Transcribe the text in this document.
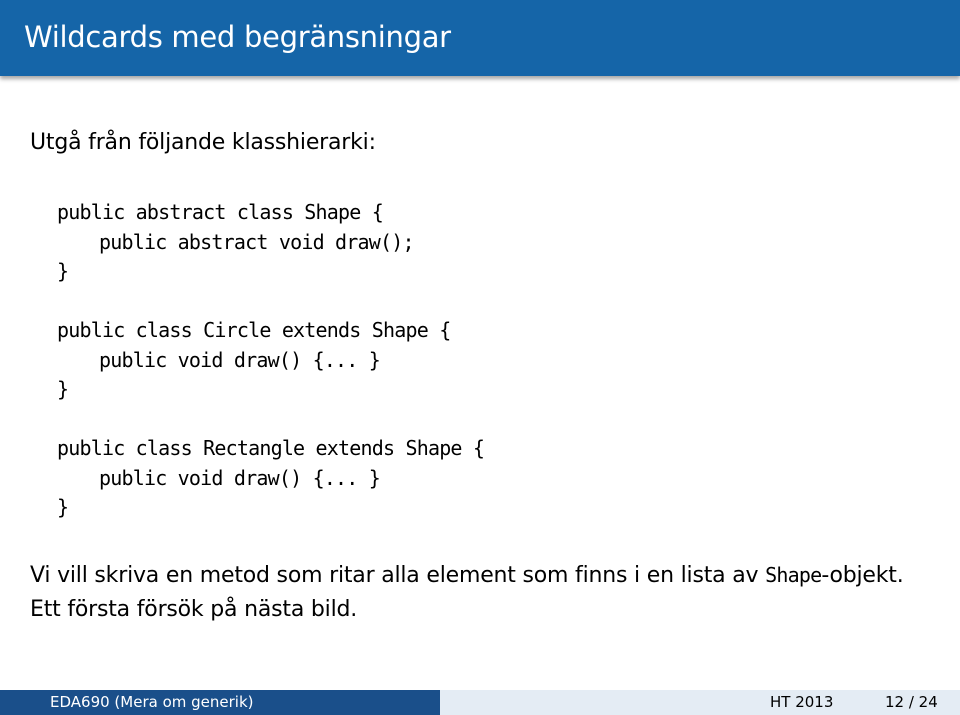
Wildcards med begränsningar

Utgå från följande klasshierarki:

public abstract class Shape {
public abstract void draw();
}
public class Circle extends Shape {
public void draw() {... }
}
public class Rectangle extends Shape {
public void draw() {... }
}

Vi vill skriva en metod som ritar alla element som finns i en lista av Shape-objekt. Ett första försök på nästa bild.

EDA690 (Mera om generik)	HT 2013	12 / 24
